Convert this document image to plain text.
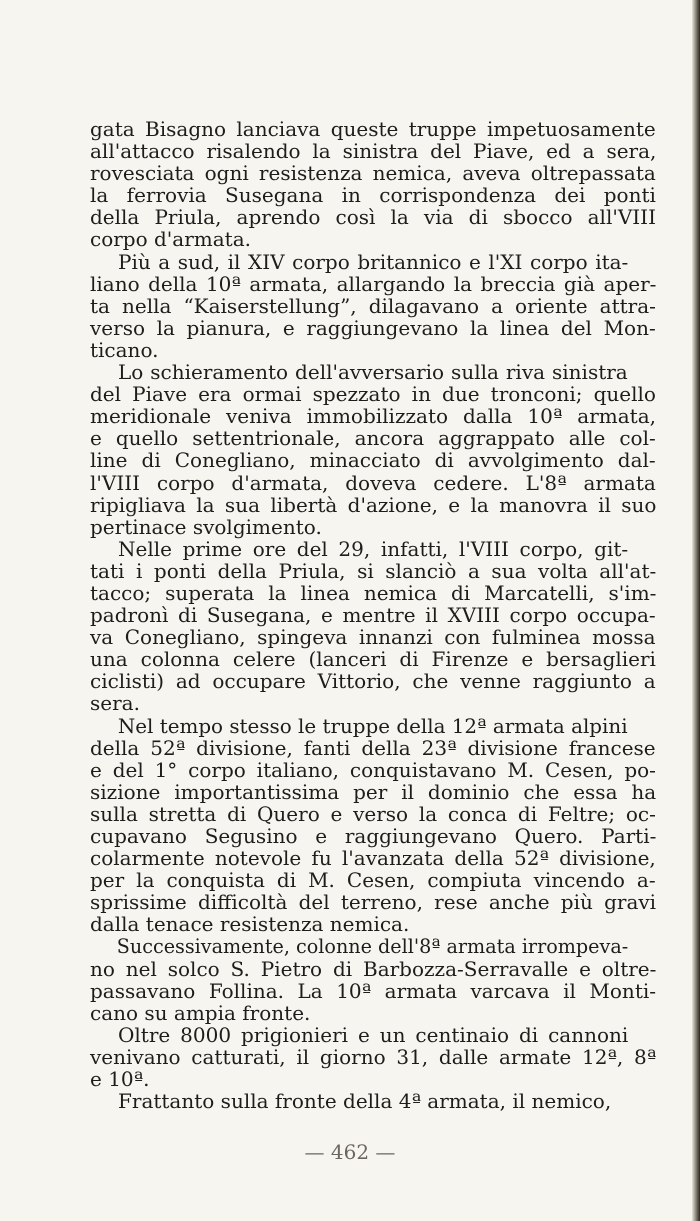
gata Bisagno lanciava queste truppe impetuosamente
all'attacco risalendo la sinistra del Piave, ed a sera,
rovesciata ogni resistenza nemica, aveva oltrepassata
la ferrovia Susegana in corrispondenza dei ponti
della Priula, aprendo così la via di sbocco all'VIII
corpo d'armata.

Più a sud, il XIV corpo britannico e l'XI corpo ita-
liano della 10ª armata, allargando la breccia già aper-
ta nella “Kaiserstellung”, dilagavano a oriente attra-
verso la pianura, e raggiungevano la linea del Mon-
ticano.

Lo schieramento dell'avversario sulla riva sinistra
del Piave era ormai spezzato in due tronconi; quello
meridionale veniva immobilizzato dalla 10ª armata,
e quello settentrionale, ancora aggrappato alle col-
line di Conegliano, minacciato di avvolgimento dal-
l'VIII corpo d'armata, doveva cedere. L'8ª armata
ripigliava la sua libertà d'azione, e la manovra il suo
pertinace svolgimento.

Nelle prime ore del 29, infatti, l'VIII corpo, git-
tati i ponti della Priula, si slanciò a sua volta all'at-
tacco; superata la linea nemica di Marcatelli, s'im-
padronì di Susegana, e mentre il XVIII corpo occupa-
va Conegliano, spingeva innanzi con fulminea mossa
una colonna celere (lanceri di Firenze e bersaglieri
ciclisti) ad occupare Vittorio, che venne raggiunto a
sera.

Nel tempo stesso le truppe della 12ª armata alpini
della 52ª divisione, fanti della 23ª divisione francese
e del 1° corpo italiano, conquistavano M. Cesen, po-
sizione importantissima per il dominio che essa ha
sulla stretta di Quero e verso la conca di Feltre; oc-
cupavano Segusino e raggiungevano Quero. Parti-
colarmente notevole fu l'avanzata della 52ª divisione,
per la conquista di M. Cesen, compiuta vincendo a-
sprissime difficoltà del terreno, rese anche più gravi
dalla tenace resistenza nemica.

Successivamente, colonne dell'8ª armata irrompeva-
no nel solco S. Pietro di Barbozza-Serravalle e oltre-
passavano Follina. La 10ª armata varcava il Monti-
cano su ampia fronte.

Oltre 8000 prigionieri e un centinaio di cannoni
venivano catturati, il giorno 31, dalle armate 12ª, 8ª
e 10ª.

Frattanto sulla fronte della 4ª armata, il nemico,

— 462 —
